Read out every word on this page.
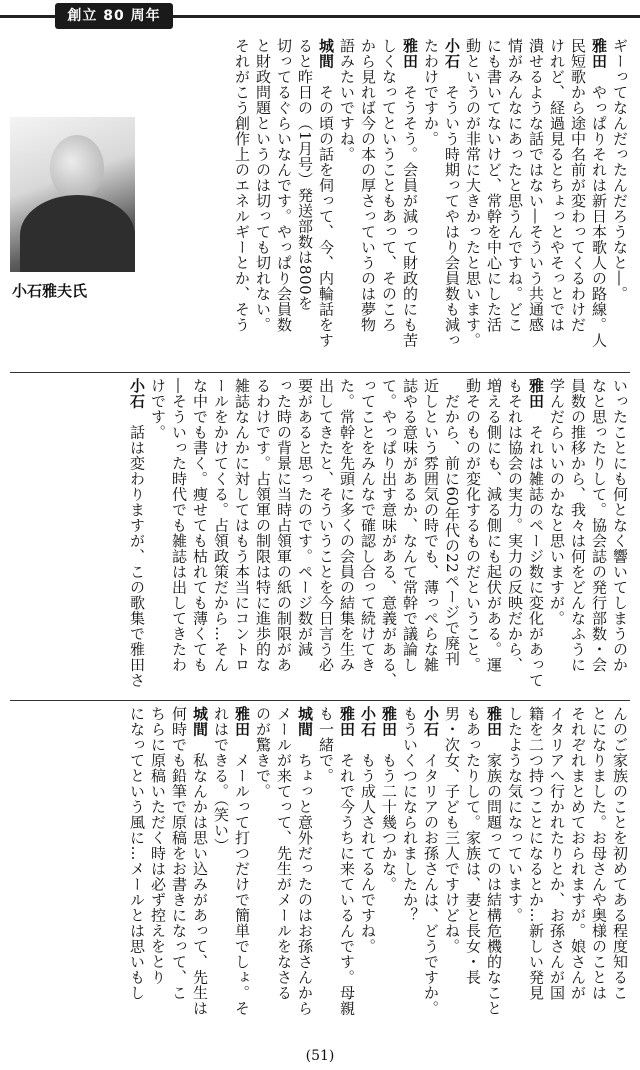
創立 80 周年

ギーってなんだったんだろうなと―。

雅田　やっぱりそれは新日本歌人の路線。人

民短歌から途中名前が変わってくるわけだ

けれど、経過見るとちょっとやそっとでは

潰せるような話ではない―そういう共通感

情がみんなにあったと思うんですね。どこ

にも書いてないけど、常幹を中心にした活

動というのが非常に大きかったと思います。

小石　そういう時期ってやはり会員数も減っ

たわけですか。

雅田　そうそう。会員が減って財政的にも苦

しくなってということもあって、そのころ

から見れば今の本の厚さっていうのは夢物

語みたいですね。

城間　その頃の話を伺って、今、内輪話をす

ると昨日の（1月号）発送部数は800を

切ってるぐらいなんです。やっぱり会員数

と財政問題というのは切っても切れない。

それがこう創作上のエネルギーとか、そう

小石雅夫氏

いったことにも何となく響いてしまうのか

なと思ったりして。協会誌の発行部数・会

員数の推移から、我々は何をどんなふうに

学んだらいいのかなと思いますが。

雅田　それは雑誌のページ数に変化があって

もそれは協会の実力。実力の反映だから、

増える側にも、減る側にも起伏がある。運

動そのものが変化するものだということ。

　だから、前に60年代の22ページで廃刊

近しという雰囲気の時でも、薄っぺらな雑

誌やる意味があるか、なんて常幹で議論し

て。やっぱり出す意味がある、意義がある、

ってことをみんなで確認し合って続けてき

た。常幹を先頭に多くの会員の結集を生み

出してきたと、そういうことを今日言う必

要があると思ったのです。ページ数が減

った時の背景に当時占領軍の紙の制限があ

るわけです。占領軍の制限は特に進歩的な

雑誌なんかに対してはもう本当にコントロ

ールをかけてくる。占領政策だから…そん

な中でも書く。痩せても枯れても薄くても

―そういった時代でも雑誌は出してきたわ

けです。

小石　話は変わりますが、この歌集で雅田さ

んのご家族のことを初めてある程度知るこ

とになりました。お母さんや奥様のことは

それぞれまとめておられますが。娘さんが

イタリアへ行かれたりとか、お孫さんが国

籍を二つ持つことになるとか…新しい発見

したような気になっています。

雅田　家族の問題ってのは結構危機的なこと

もあったりして。家族は、妻と長女・長

男・次女、子ども三人ですけどね。

小石　イタリアのお孫さんは、どうですか。

もういくつになられましたか？

雅田　もう二十幾つかな。

小石　もう成人されてるんですね。

雅田　それで今うちに来ているんです。母親

も一緒で。

城間　ちょっと意外だったのはお孫さんから

メールが来てって、先生がメールをなさる

のが驚きで。

雅田　メールって打つだけで簡単でしょ。そ

れはできる。（笑い）

城間　私なんかは思い込みがあって、先生は

何時でも鉛筆で原稿をお書きになって、こ

ちらに原稿いただく時は必ず控えをとり

になってという風に…メールとは思いもし

(51)
